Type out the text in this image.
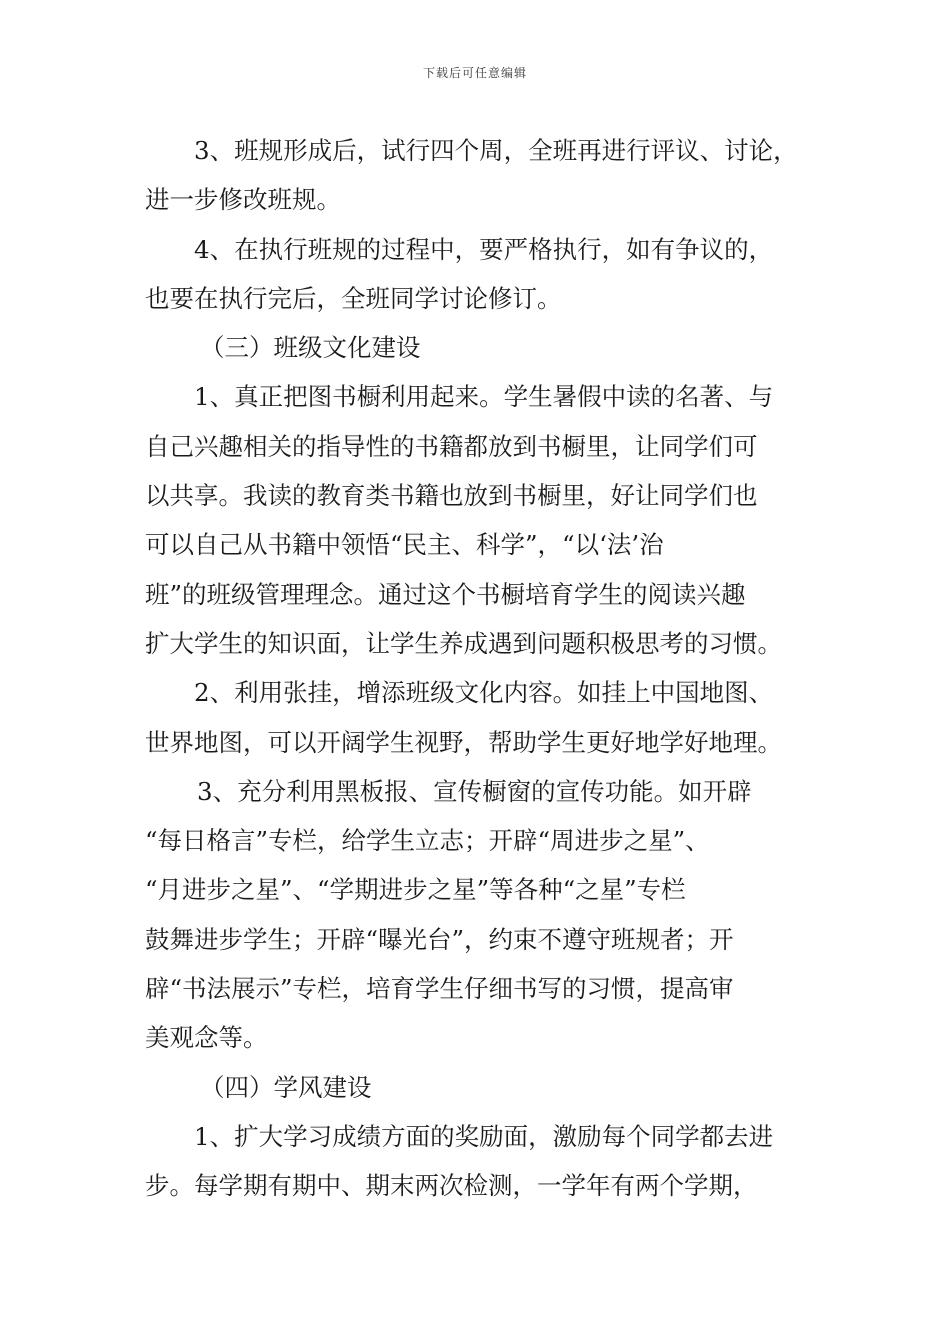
下载后可任意编辑
3、班规形成后，试行四个周，全班再进行评议、讨论，
进一步修改班规。
4、在执行班规的过程中，要严格执行，如有争议的，
也要在执行完后，全班同学讨论修订。
（三）班级文化建设
1、真正把图书橱利用起来。学生暑假中读的名著、与
自己兴趣相关的指导性的书籍都放到书橱里，让同学们可
以共享。我读的教育类书籍也放到书橱里，好让同学们也
可以自己从书籍中领悟“民主、科学”，“以‘法’治
班”的班级管理理念。通过这个书橱培育学生的阅读兴趣
扩大学生的知识面，让学生养成遇到问题积极思考的习惯。
2、利用张挂，增添班级文化内容。如挂上中国地图、
世界地图，可以开阔学生视野，帮助学生更好地学好地理。
3、充分利用黑板报、宣传橱窗的宣传功能。如开辟
“每日格言”专栏，给学生立志；开辟“周进步之星”、
“月进步之星”、“学期进步之星”等各种“之星”专栏
鼓舞进步学生；开辟“曝光台”，约束不遵守班规者；开
辟“书法展示”专栏，培育学生仔细书写的习惯，提高审
美观念等。
（四）学风建设
1、扩大学习成绩方面的奖励面，激励每个同学都去进
步。每学期有期中、期末两次检测，一学年有两个学期，
